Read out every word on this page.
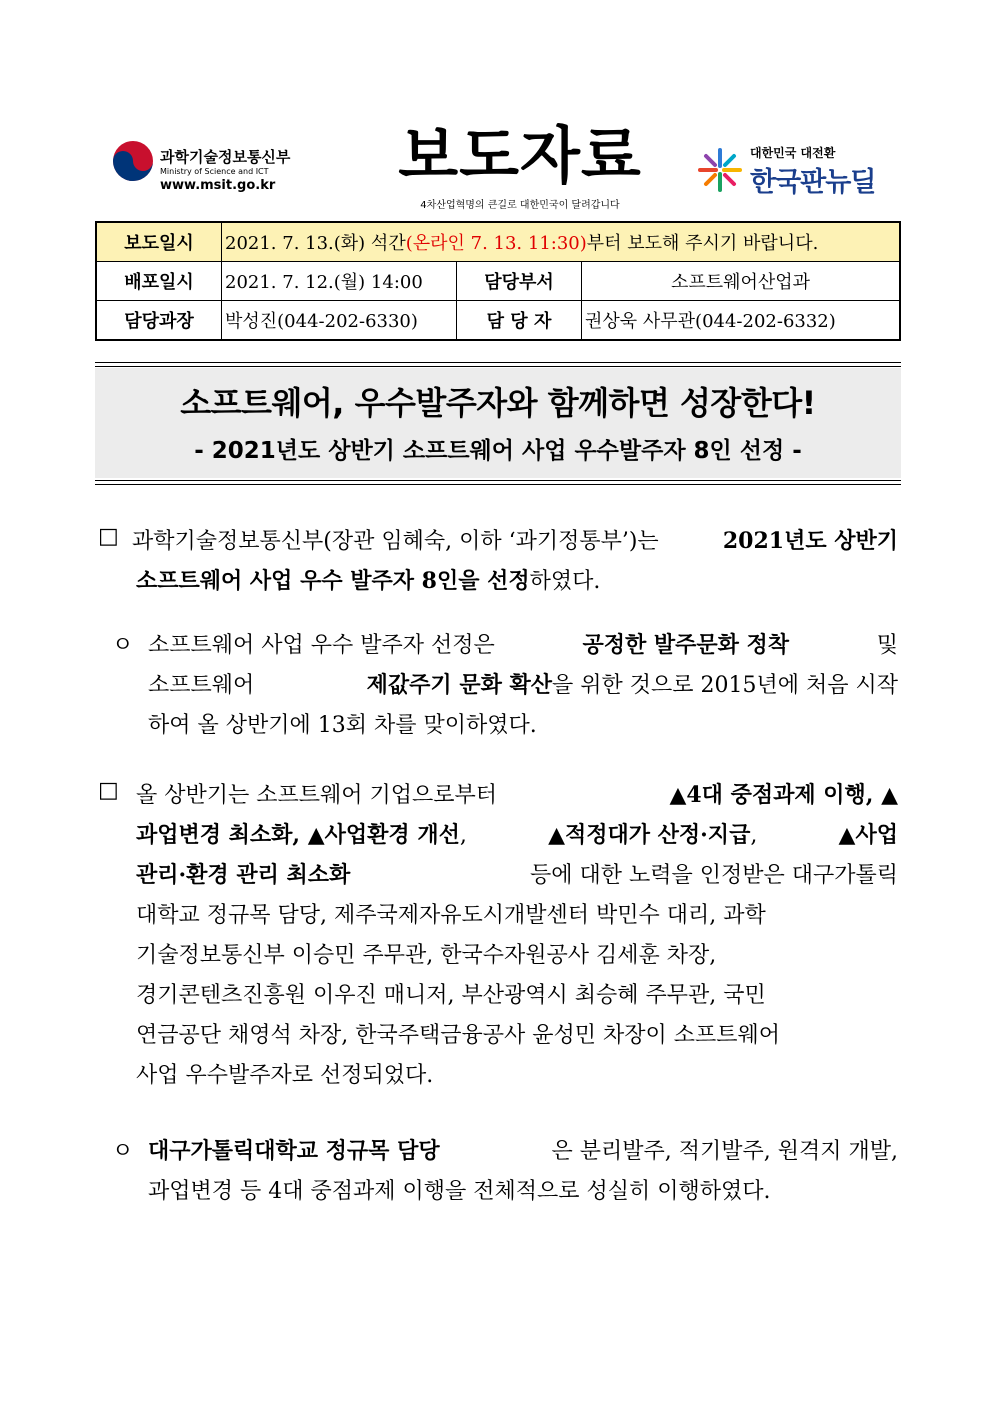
과학기술정보통신부
Ministry of Science and ICT
www.msit.go.kr 보도자료
4차산업혁명의 큰길로 대한민국이 달려갑니다
대한민국 대전환
한국판뉴딜
보도일시	2021. 7. 13.(화) 석간(온라인 7. 13. 11:30)부터 보도해 주시기 바랍니다.		
배포일시	2021. 7. 12.(월) 14:00	담당부서	소프트웨어산업과
담당과장	박성진(044-202-6330)	담 당 자	권상욱 사무관(044-202-6332)
소프트웨어, 우수발주자와 함께하면 성장한다!
- 2021년도 상반기 소프트웨어 사업 우수발주자 8인 선정 -
□ 과학기술정보통신부(장관 임혜숙, 이하 ‘과기정통부’)는	2021년도 상반기
소프트웨어 사업 우수 발주자 8인을 선정하였다.
ㅇ 소프트웨어 사업 우수 발주자 선정은	공정한 발주문화 정착	및
소프트웨어	제값주기 문화 확산을 위한 것으로 2015년에 처음 시작
하여 올 상반기에 13회 차를 맞이하였다.
□ 올 상반기는 소프트웨어 기업으로부터	▲4대 중점과제 이행, ▲
과업변경 최소화, ▲사업환경 개선,	▲적정대가 산정·지급,	▲사업
관리·환경 관리 최소화	등에 대한 노력을 인정받은 대구가톨릭
대학교 정규목 담당, 제주국제자유도시개발센터 박민수 대리, 과학
기술정보통신부 이승민 주무관, 한국수자원공사 김세훈 차장,
경기콘텐츠진흥원 이우진 매니저, 부산광역시 최승혜 주무관, 국민
연금공단 채영석 차장, 한국주택금융공사 윤성민 차장이 소프트웨어
사업 우수발주자로 선정되었다.
ㅇ 대구가톨릭대학교 정규목 담당	은 분리발주, 적기발주, 원격지 개발,
과업변경 등 4대 중점과제 이행을 전체적으로 성실히 이행하였다.
